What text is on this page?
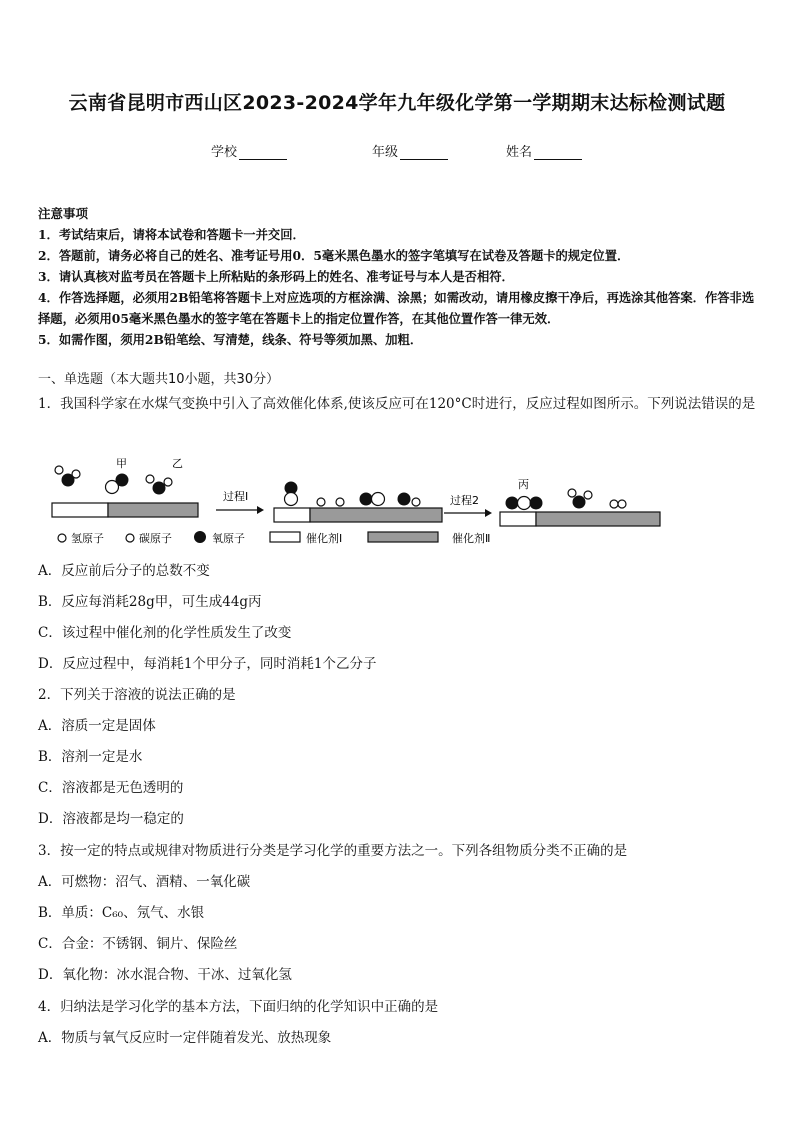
云南省昆明市西山区2023-2024学年九年级化学第一学期期末达标检测试题
学校	年级	姓名
注意事项
1．考试结束后，请将本试卷和答题卡一并交回．
2．答题前，请务必将自己的姓名、准考证号用0．5毫米黑色墨水的签字笔填写在试卷及答题卡的规定位置．
3．请认真核对监考员在答题卡上所粘贴的条形码上的姓名、准考证号与本人是否相符．
4．作答选择题，必须用2B铅笔将答题卡上对应选项的方框涂满、涂黑；如需改动，请用橡皮擦干净后，再选涂其他答案．作答非选择题，必须用05毫米黑色墨水的签字笔在答题卡上的指定位置作答，在其他位置作答一律无效．
5．如需作图，须用2B铅笔绘、写清楚，线条、符号等须加黑、加粗．
一、单选题（本大题共10小题，共30分）
1．我国科学家在水煤气变换中引入了高效催化体系,使该反应可在120°C时进行，反应过程如图所示。下列说法错误的是
甲	乙
过程Ⅰ	过程2
丙
氢原子	碳原子	氧原子	催化剂Ⅰ	催化剂Ⅱ
A．反应前后分子的总数不变
B．反应每消耗28g甲，可生成44g丙
C．该过程中催化剂的化学性质发生了改变
D．反应过程中，每消耗1个甲分子，同时消耗1个乙分子
2．下列关于溶液的说法正确的是
A．溶质一定是固体
B．溶剂一定是水
C．溶液都是无色透明的
D．溶液都是均一稳定的
3．按一定的特点或规律对物质进行分类是学习化学的重要方法之一。下列各组物质分类不正确的是
A．可燃物：沼气、酒精、一氧化碳
B．单质：C₆₀、氖气、水银
C．合金：不锈钢、铜片、保险丝
D．氧化物：冰水混合物、干冰、过氧化氢
4．归纳法是学习化学的基本方法，下面归纳的化学知识中正确的是
A．物质与氧气反应时一定伴随着发光、放热现象
